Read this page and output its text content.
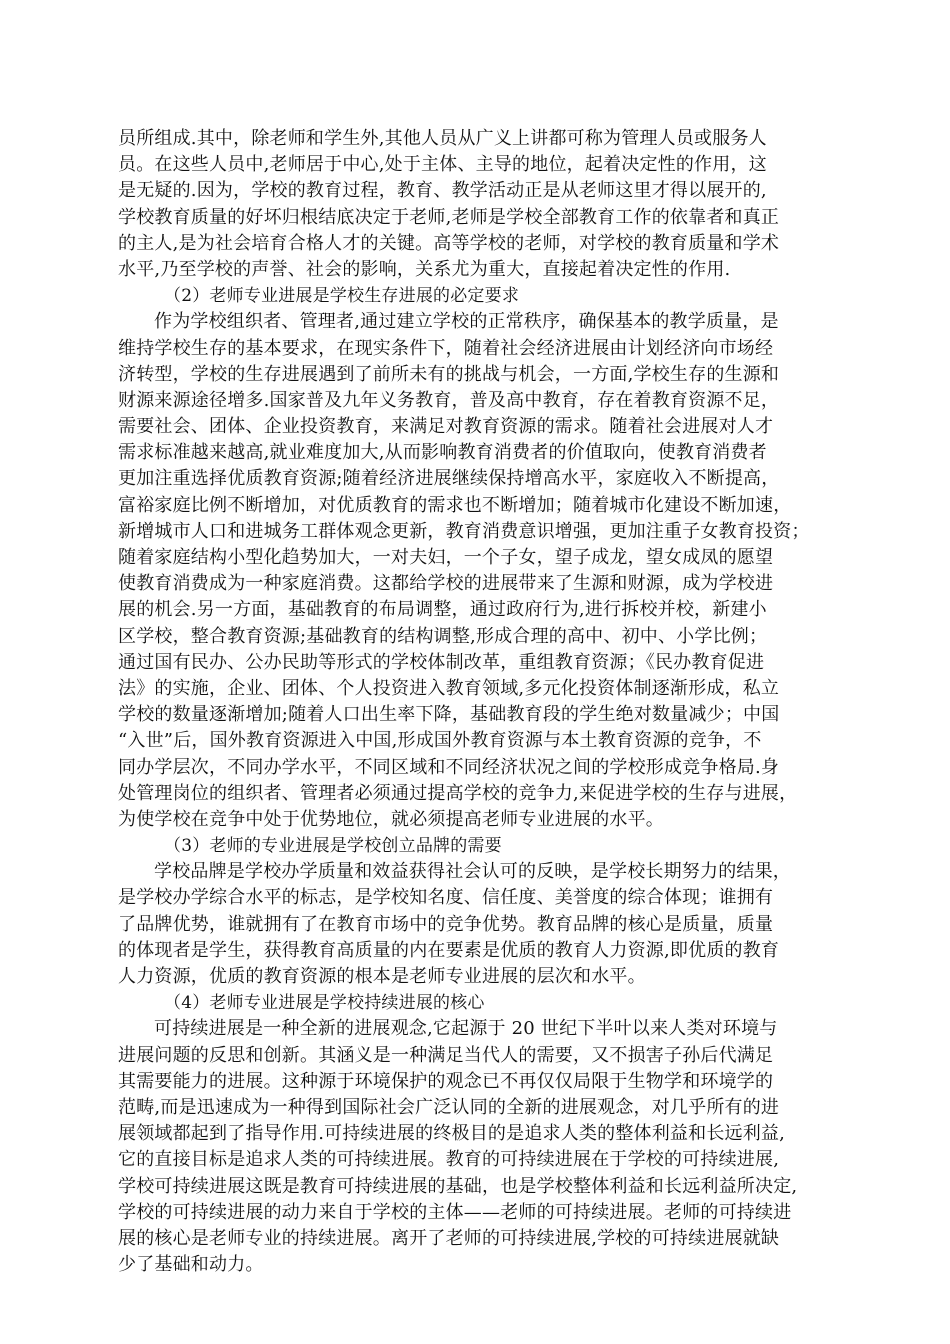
员所组成.其中，除老师和学生外,其他人员从广义上讲都可称为管理人员或服务人
员。在这些人员中,老师居于中心,处于主体、主导的地位，起着决定性的作用，这
是无疑的.因为，学校的教育过程，教育、教学活动正是从老师这里才得以展开的,
学校教育质量的好坏归根结底决定于老师,老师是学校全部教育工作的依靠者和真正
的主人,是为社会培育合格人才的关键。高等学校的老师，对学校的教育质量和学术
水平,乃至学校的声誉、社会的影响，关系尤为重大，直接起着决定性的作用.
（2）老师专业进展是学校生存进展的必定要求
作为学校组织者、管理者,通过建立学校的正常秩序，确保基本的教学质量，是
维持学校生存的基本要求，在现实条件下，随着社会经济进展由计划经济向市场经
济转型，学校的生存进展遇到了前所未有的挑战与机会，一方面,学校生存的生源和
财源来源途径增多.国家普及九年义务教育，普及高中教育，存在着教育资源不足，
需要社会、团体、企业投资教育，来满足对教育资源的需求。随着社会进展对人才
需求标准越来越高,就业难度加大,从而影响教育消费者的价值取向，使教育消费者
更加注重选择优质教育资源;随着经济进展继续保持增高水平，家庭收入不断提高，
富裕家庭比例不断增加，对优质教育的需求也不断增加；随着城市化建设不断加速，
新增城市人口和进城务工群体观念更新，教育消费意识增强，更加注重子女教育投资；
随着家庭结构小型化趋势加大，一对夫妇，一个子女，望子成龙，望女成凤的愿望
使教育消费成为一种家庭消费。这都给学校的进展带来了生源和财源，成为学校进
展的机会.另一方面，基础教育的布局调整，通过政府行为,进行拆校并校，新建小
区学校，整合教育资源;基础教育的结构调整,形成合理的高中、初中、小学比例；
通过国有民办、公办民助等形式的学校体制改革，重组教育资源；《民办教育促进
法》的实施，企业、团体、个人投资进入教育领域,多元化投资体制逐渐形成，私立
学校的数量逐渐增加;随着人口出生率下降，基础教育段的学生绝对数量减少；中国
“入世”后，国外教育资源进入中国,形成国外教育资源与本土教育资源的竞争，不
同办学层次，不同办学水平，不同区域和不同经济状况之间的学校形成竞争格局.身
处管理岗位的组织者、管理者必须通过提高学校的竞争力,来促进学校的生存与进展，
为使学校在竞争中处于优势地位，就必须提高老师专业进展的水平。
（3）老师的专业进展是学校创立品牌的需要
学校品牌是学校办学质量和效益获得社会认可的反映，是学校长期努力的结果，
是学校办学综合水平的标志，是学校知名度、信任度、美誉度的综合体现；谁拥有
了品牌优势，谁就拥有了在教育市场中的竞争优势。教育品牌的核心是质量，质量
的体现者是学生，获得教育高质量的内在要素是优质的教育人力资源,即优质的教育
人力资源，优质的教育资源的根本是老师专业进展的层次和水平。
（4）老师专业进展是学校持续进展的核心
可持续进展是一种全新的进展观念,它起源于 20 世纪下半叶以来人类对环境与
进展问题的反思和创新。其涵义是一种满足当代人的需要，又不损害子孙后代满足
其需要能力的进展。这种源于环境保护的观念已不再仅仅局限于生物学和环境学的
范畴,而是迅速成为一种得到国际社会广泛认同的全新的进展观念，对几乎所有的进
展领域都起到了指导作用.可持续进展的终极目的是追求人类的整体利益和长远利益,
它的直接目标是追求人类的可持续进展。教育的可持续进展在于学校的可持续进展,
学校可持续进展这既是教育可持续进展的基础，也是学校整体利益和长远利益所决定,
学校的可持续进展的动力来自于学校的主体——老师的可持续进展。老师的可持续进
展的核心是老师专业的持续进展。离开了老师的可持续进展,学校的可持续进展就缺
少了基础和动力。
